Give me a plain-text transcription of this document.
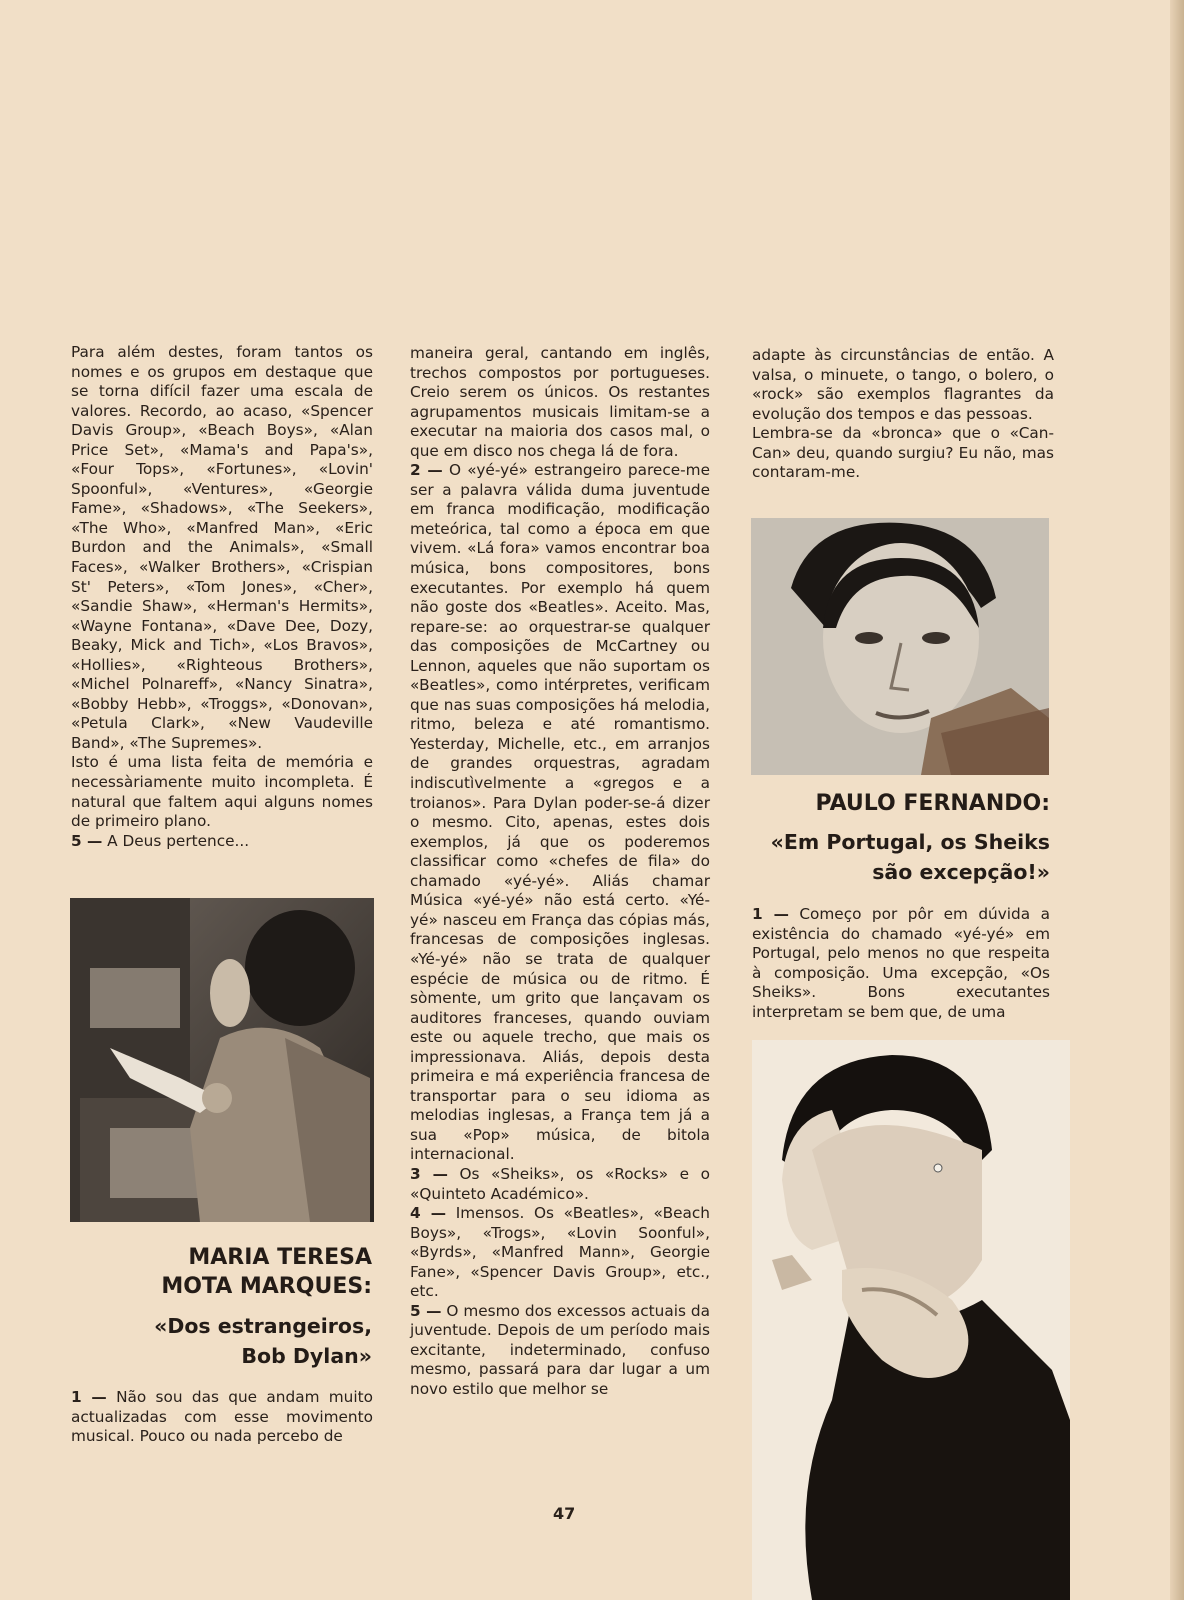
Para além destes, foram tantos os nomes e os grupos em destaque que se torna difícil fazer uma escala de valores. Recordo, ao acaso, «Spencer Davis Group», «Beach Boys», «Alan Price Set», «Mama's and Papa's», «Four Tops», «Fortunes», «Lovin' Spoonful», «Ventures», «Georgie Fame», «Shadows», «The Seekers», «The Who», «Manfred Man», «Eric Burdon and the Animals», «Small Faces», «Walker Brothers», «Crispian St' Peters», «Tom Jones», «Cher», «Sandie Shaw», «Herman's Hermits», «Wayne Fontana», «Dave Dee, Dozy, Beaky, Mick and Tich», «Los Bravos», «Hollies», «Righteous Brothers», «Michel Polnareff», «Nancy Sinatra», «Bobby Hebb», «Troggs», «Donovan», «Petula Clark», «New Vaudeville Band», «The Supremes».

Isto é uma lista feita de memória e necessàriamente muito incompleta. É natural que faltem aqui alguns nomes de primeiro plano.

5 — A Deus pertence...

MARIA TERESA
MOTA MARQUES:
«Dos estrangeiros,
Bob Dylan»

1 — Não sou das que andam muito actualizadas com esse movimento musical. Pouco ou nada percebo de

maneira geral, cantando em inglês, trechos compostos por portugueses. Creio serem os únicos. Os restantes agrupamentos musicais limitam-se a executar na maioria dos casos mal, o que em disco nos chega lá de fora.

2 — O «yé-yé» estrangeiro parece-me ser a palavra válida duma juventude em franca modificação, modificação meteórica, tal como a época em que vivem. «Lá fora» vamos encontrar boa música, bons compositores, bons executantes. Por exemplo há quem não goste dos «Beatles». Aceito. Mas, repare-se: ao orquestrar-se qualquer das composições de McCartney ou Lennon, aqueles que não suportam os «Beatles», como intérpretes, verificam que nas suas composições há melodia, ritmo, beleza e até romantismo. Yesterday, Michelle, etc., em arranjos de grandes orquestras, agradam indiscutìvelmente a «gregos e a troianos». Para Dylan poder-se-á dizer o mesmo. Cito, apenas, estes dois exemplos, já que os poderemos classificar como «chefes de fila» do chamado «yé-yé». Aliás chamar Música «yé-yé» não está certo. «Yé-yé» nasceu em França das cópias más, francesas de composições inglesas. «Yé-yé» não se trata de qualquer espécie de música ou de ritmo. É sòmente, um grito que lançavam os auditores franceses, quando ouviam este ou aquele trecho, que mais os impressionava. Aliás, depois desta primeira e má experiência francesa de transportar para o seu idioma as melodias inglesas, a França tem já a sua «Pop» música, de bitola internacional.

3 — Os «Sheiks», os «Rocks» e o «Quinteto Académico».

4 — Imensos. Os «Beatles», «Beach Boys», «Trogs», «Lovin Soonful», «Byrds», «Manfred Mann», Georgie Fane», «Spencer Davis Group», etc., etc.

5 — O mesmo dos excessos actuais da juventude. Depois de um período mais excitante, indeterminado, confuso mesmo, passará para dar lugar a um novo estilo que melhor se

adapte às circunstâncias de então. A valsa, o minuete, o tango, o bolero, o «rock» são exemplos flagrantes da evolução dos tempos e das pessoas.

Lembra-se da «bronca» que o «Can-Can» deu, quando surgiu? Eu não, mas contaram-me.

PAULO FERNANDO:
«Em Portugal, os Sheiks
são excepção!»

1 — Começo por pôr em dúvida a existência do chamado «yé-yé» em Portugal, pelo menos no que respeita à composição. Uma excepção, «Os Sheiks». Bons executantes interpretam se bem que, de uma

47
